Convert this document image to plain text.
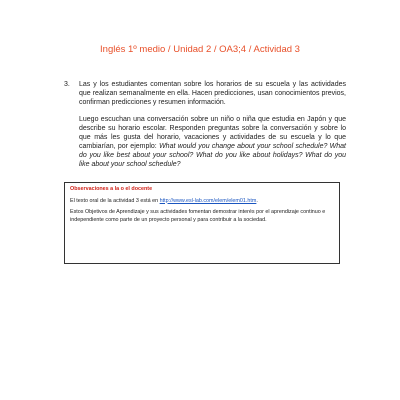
Inglés 1º medio / Unidad 2 / OA3;4 / Actividad 3
3. Las y los estudiantes comentan sobre los horarios de su escuela y las actividades que realizan semanalmente en ella. Hacen predicciones, usan conocimientos previos, confirman predicciones y resumen información.

Luego escuchan una conversación sobre un niño o niña que estudia en Japón y que describe su horario escolar. Responden preguntas sobre la conversación y sobre lo que más les gusta del horario, vacaciones y actividades de su escuela y lo que cambiarían, por ejemplo: What would you change about your school schedule? What do you like best about your school? What do you like about holidays? What do you like about your school schedule?

Observaciones a la o el docente

El texto oral de la actividad 3 está en http://www.esl-lab.com/elem/elem01.htm.

Estos Objetivos de Aprendizaje y sus actividades fomentan demostrar interés por el aprendizaje continuo e independiente como parte de un proyecto personal y para contribuir a la sociedad.
